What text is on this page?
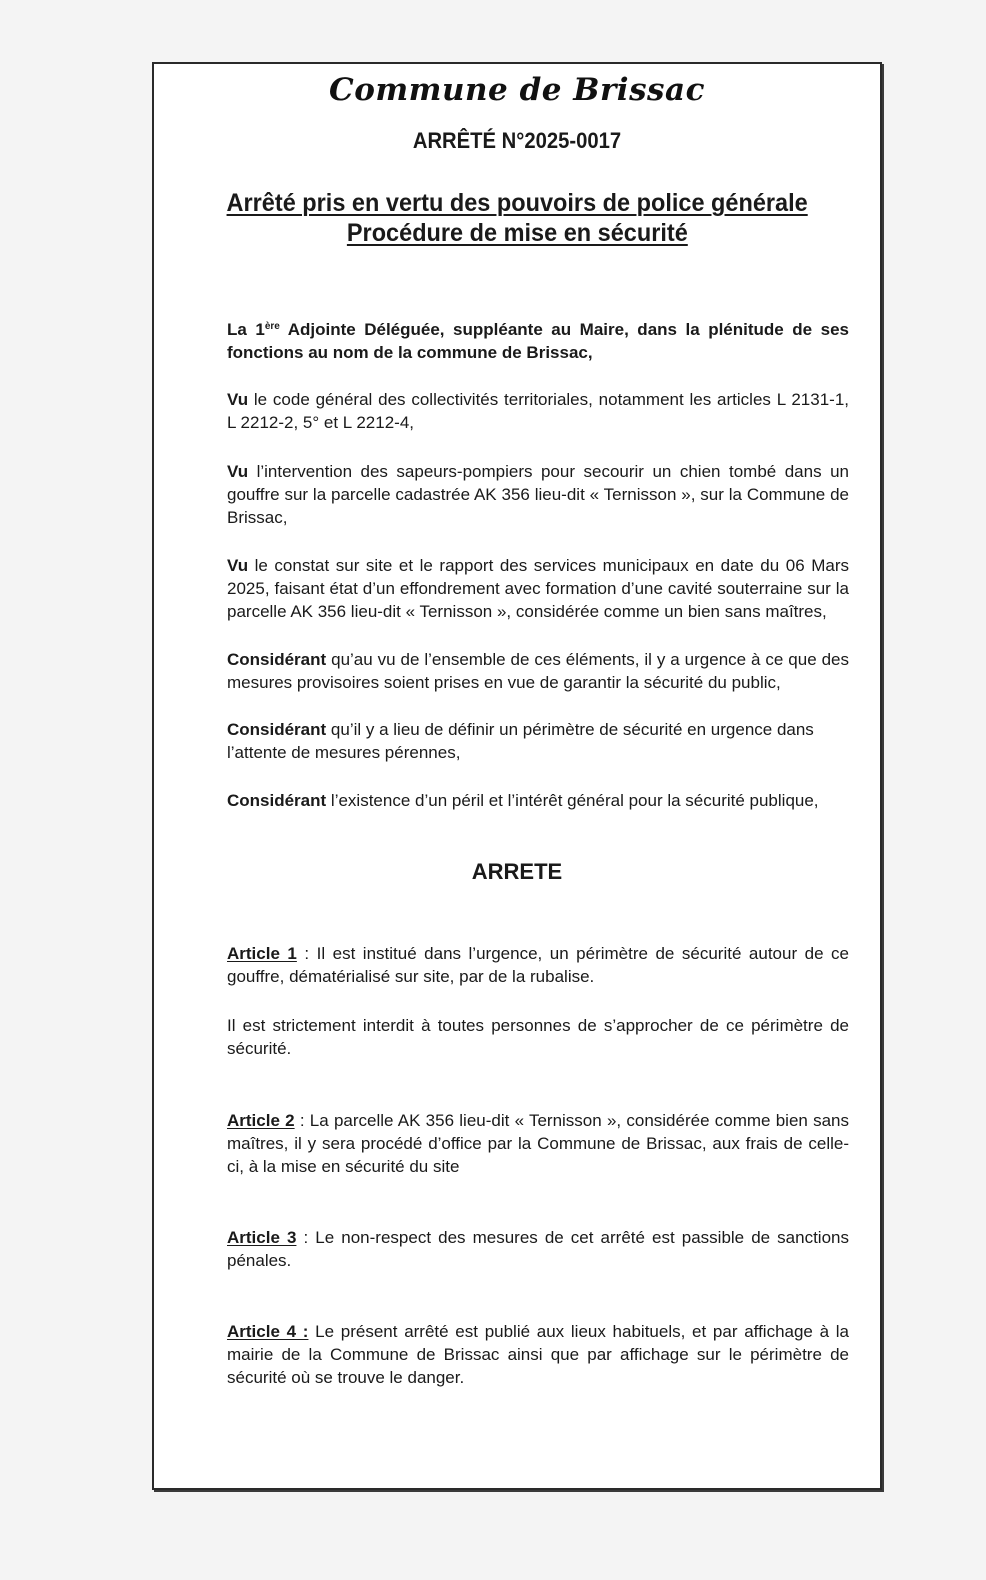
Commune de Brissac
ARRÊTÉ N°2025-0017
Arrêté pris en vertu des pouvoirs de police générale
Procédure de mise en sécurité
La 1ère Adjointe Déléguée, suppléante au Maire, dans la plénitude de ses fonctions au nom de la commune de Brissac,
Vu le code général des collectivités territoriales, notamment les articles L 2131-1, L 2212-2, 5° et L 2212-4,
Vu l’intervention des sapeurs-pompiers pour secourir un chien tombé dans un gouffre sur la parcelle cadastrée AK 356 lieu-dit « Ternisson », sur la Commune de Brissac,
Vu le constat sur site et le rapport des services municipaux en date du 06 Mars 2025, faisant état d’un effondrement avec formation d’une cavité souterraine sur la parcelle AK 356 lieu-dit « Ternisson », considérée comme un bien sans maîtres,
Considérant qu’au vu de l’ensemble de ces éléments, il y a urgence à ce que des mesures provisoires soient prises en vue de garantir la sécurité du public,
Considérant qu’il y a lieu de définir un périmètre de sécurité en urgence dans l’attente de mesures pérennes,
Considérant l’existence d’un péril et l’intérêt général pour la sécurité publique,
ARRETE
Article 1 : Il est institué dans l’urgence, un périmètre de sécurité autour de ce gouffre, dématérialisé sur site, par de la rubalise.
Il est strictement interdit à toutes personnes de s’approcher de ce périmètre de sécurité.
Article 2 : La parcelle AK 356 lieu-dit « Ternisson », considérée comme bien sans maîtres, il y sera procédé d’office par la Commune de Brissac, aux frais de celle-ci, à la mise en sécurité du site
Article 3 : Le non-respect des mesures de cet arrêté est passible de sanctions pénales.
Article 4 : Le présent arrêté est publié aux lieux habituels, et par affichage à la mairie de la Commune de Brissac ainsi que par affichage sur le périmètre de sécurité où se trouve le danger.
